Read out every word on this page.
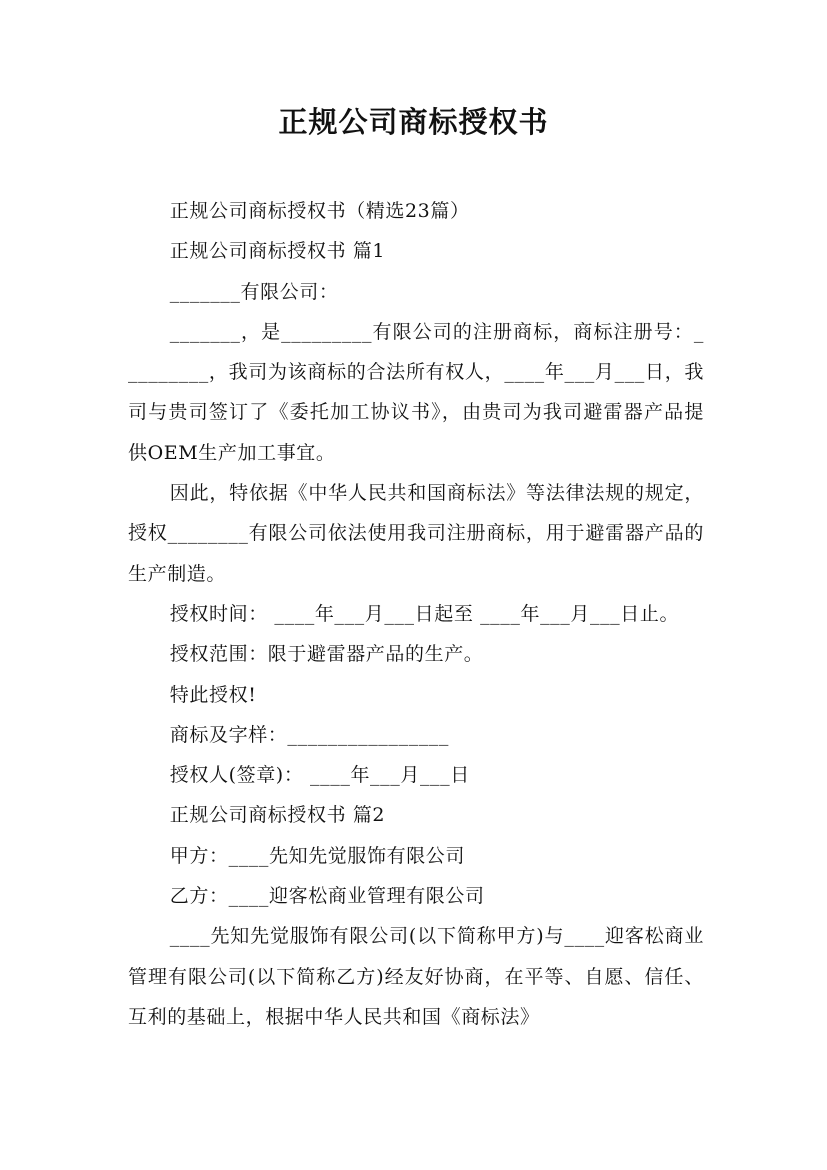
正规公司商标授权书

正规公司商标授权书（精选23篇）

正规公司商标授权书 篇1

_______有限公司：

_______，是_________有限公司的注册商标，商标注册号：_________，我司为该商标的合法所有权人，____年___月___日，我司与贵司签订了《委托加工协议书》，由贵司为我司避雷器产品提供OEM生产加工事宜。

因此，特依据《中华人民共和国商标法》等法律法规的规定，授权________有限公司依法使用我司注册商标，用于避雷器产品的生产制造。

授权时间： ____年___月___日起至 ____年___月___日止。

授权范围：限于避雷器产品的生产。

特此授权!

商标及字样：________________

授权人(签章)： ____年___月___日

正规公司商标授权书 篇2

甲方：____先知先觉服饰有限公司

乙方：____迎客松商业管理有限公司

____先知先觉服饰有限公司(以下简称甲方)与____迎客松商业管理有限公司(以下简称乙方)经友好协商，在平等、自愿、信任、互利的基础上，根据中华人民共和国《商标法》
